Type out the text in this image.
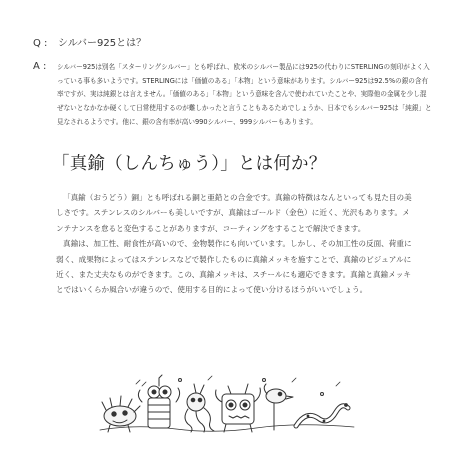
Q : シルバー925とは？
A : シルバー925は別名「スターリングシルバー」とも呼ばれ、欧米のシルバー製品には925の代わりにSTERLINGの刻印がよく入っている事も多いようです。STERLINGには「価値のある」「本物」という意味があります。シルバー925は92.5%の銀の含有率ですが、実は純銀とは言えません。「価値のある」「本物」という意味を含んで使われていたことや、実際他の金属を少し混ぜないとなかなか硬くして日常使用するのが難しかったと言うこともあるためでしょうか、日本でもシルバー925は「純銀」と見なされるようです。他に、銀の含有率が高い990シルバー、999シルバーもあります。
「真鍮（しんちゅう）」とは何か？

「真鍮（おうどう）銅」とも呼ばれる銅と亜鉛との合金です。真鍮の特徴はなんといっても見た目の美しさです。ステンレスのシルバーも美しいですが、真鍮はゴールド（金色）に近く、光沢もあります。メンテナンスを怠ると変色することがありますが、コーティングをすることで解決できます。

真鍮は、加工性、耐食性が高いので、金物製作にも向いています。しかし、その加工性の反面、荷重に弱く、成果物によってはステンレスなどで製作したものに真鍮メッキを施すことで、真鍮のビジュアルに近く、また丈夫なものができます。この、真鍮メッキは、スチールにも適応できます。真鍮と真鍮メッキとではいくらか風合いが違うので、使用する目的によって使い分けるほうがいいでしょう。
